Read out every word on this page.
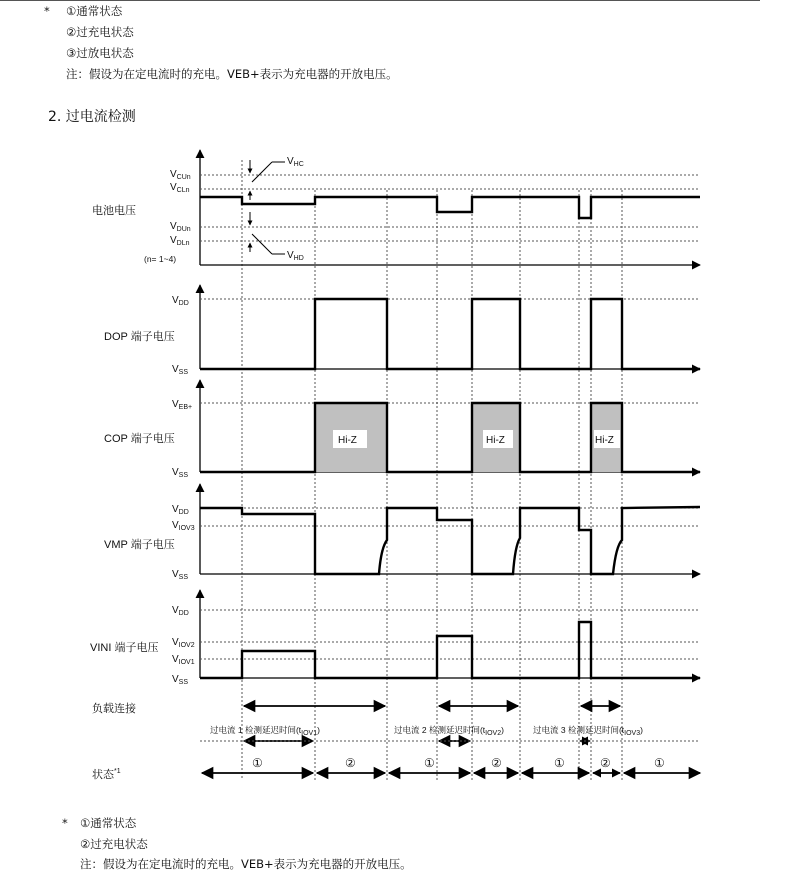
* ①通常状态
②过充电状态
③过放电状态
注：假设为在定电流时的充电。VEB+表示为充电器的开放电压。
2. 过电流检测
$V_{HC}$
$V_{HD}$
$V_{CUn}$
$V_{CLn}$
$V_{DUn}$
$V_{DLn}$
(n= 1~4)
电池电压
$V_{DD}$
$V_{SS}$
DOP 端子电压
Hi-Z	Hi-Z	Hi-Z
$V_{EB+}$
$V_{SS}$
COP 端子电压
$V_{DD}$
$V_{IOV3}$
$V_{SS}$
VMP 端子电压
$V_{DD}$
$V_{IOV2}$
$V_{IOV1}$
$V_{SS}$
VINI 端子电压
负载连接
过电流 1 检测延迟时间$(t_{IOV1})$	过电流 2 检测延迟时间$(t_{IOV2})$	过电流 3 检测延迟时间$(t_{IOV3})$
状态$^{*1}$
①	②	①	②	①	②	①
* ①通常状态
②过充电状态
注：假设为在定电流时的充电。VEB+表示为充电器的开放电压。
